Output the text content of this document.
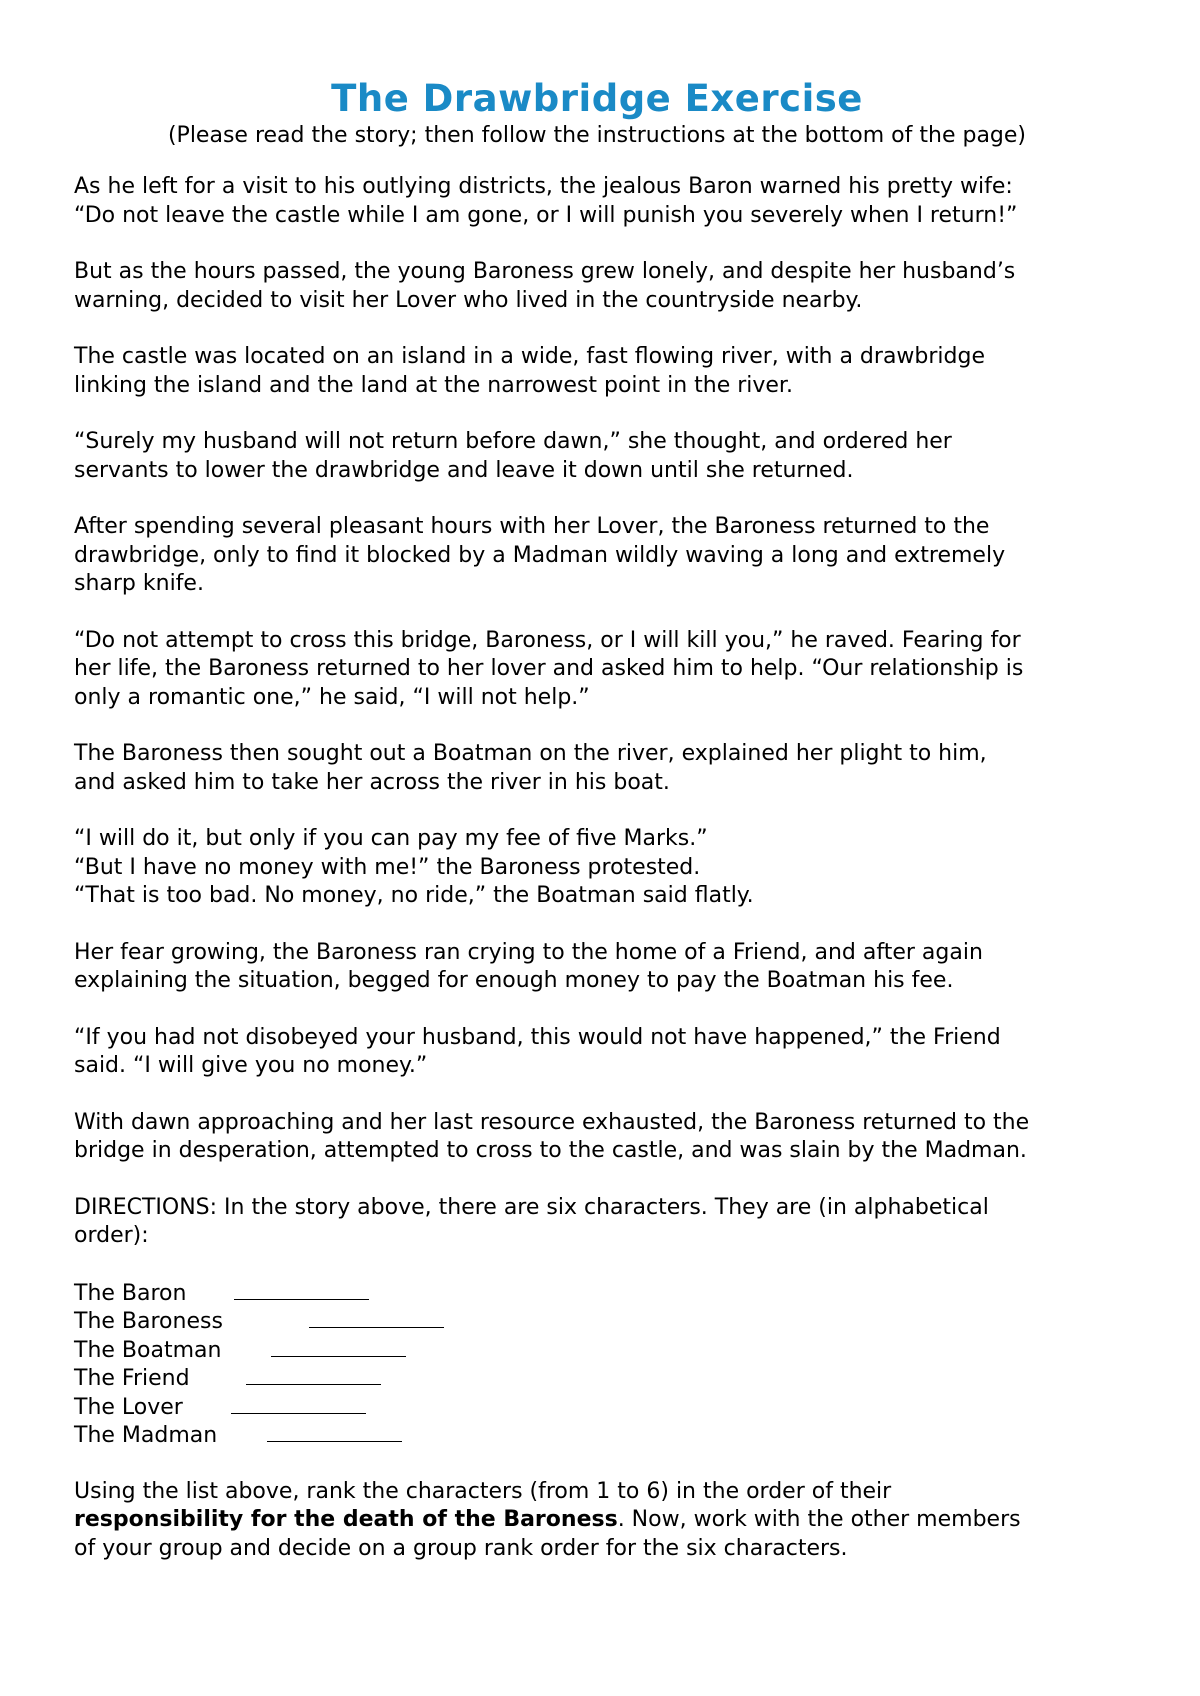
The Drawbridge Exercise

(Please read the story; then follow the instructions at the bottom of the page)

As he left for a visit to his outlying districts, the jealous Baron warned his pretty wife:
“Do not leave the castle while I am gone, or I will punish you severely when I return!”

But as the hours passed, the young Baroness grew lonely, and despite her husband’s
warning, decided to visit her Lover who lived in the countryside nearby.

The castle was located on an island in a wide, fast flowing river, with a drawbridge
linking the island and the land at the narrowest point in the river.

“Surely my husband will not return before dawn,” she thought, and ordered her
servants to lower the drawbridge and leave it down until she returned.

After spending several pleasant hours with her Lover, the Baroness returned to the
drawbridge, only to find it blocked by a Madman wildly waving a long and extremely
sharp knife.

“Do not attempt to cross this bridge, Baroness, or I will kill you,” he raved. Fearing for
her life, the Baroness returned to her lover and asked him to help. “Our relationship is
only a romantic one,” he said, “I will not help.”

The Baroness then sought out a Boatman on the river, explained her plight to him,
and asked him to take her across the river in his boat.

“I will do it, but only if you can pay my fee of five Marks.”
“But I have no money with me!” the Baroness protested.
“That is too bad. No money, no ride,” the Boatman said flatly.

Her fear growing, the Baroness ran crying to the home of a Friend, and after again
explaining the situation, begged for enough money to pay the Boatman his fee.

“If you had not disobeyed your husband, this would not have happened,” the Friend
said. “I will give you no money.”

With dawn approaching and her last resource exhausted, the Baroness returned to the
bridge in desperation, attempted to cross to the castle, and was slain by the Madman.

DIRECTIONS: In the story above, there are six characters. They are (in alphabetical
order):

The Baron
The Baroness
The Boatman
The Friend
The Lover
The Madman

Using the list above, rank the characters (from 1 to 6) in the order of their
responsibility for the death of the Baroness. Now, work with the other members
of your group and decide on a group rank order for the six characters.
